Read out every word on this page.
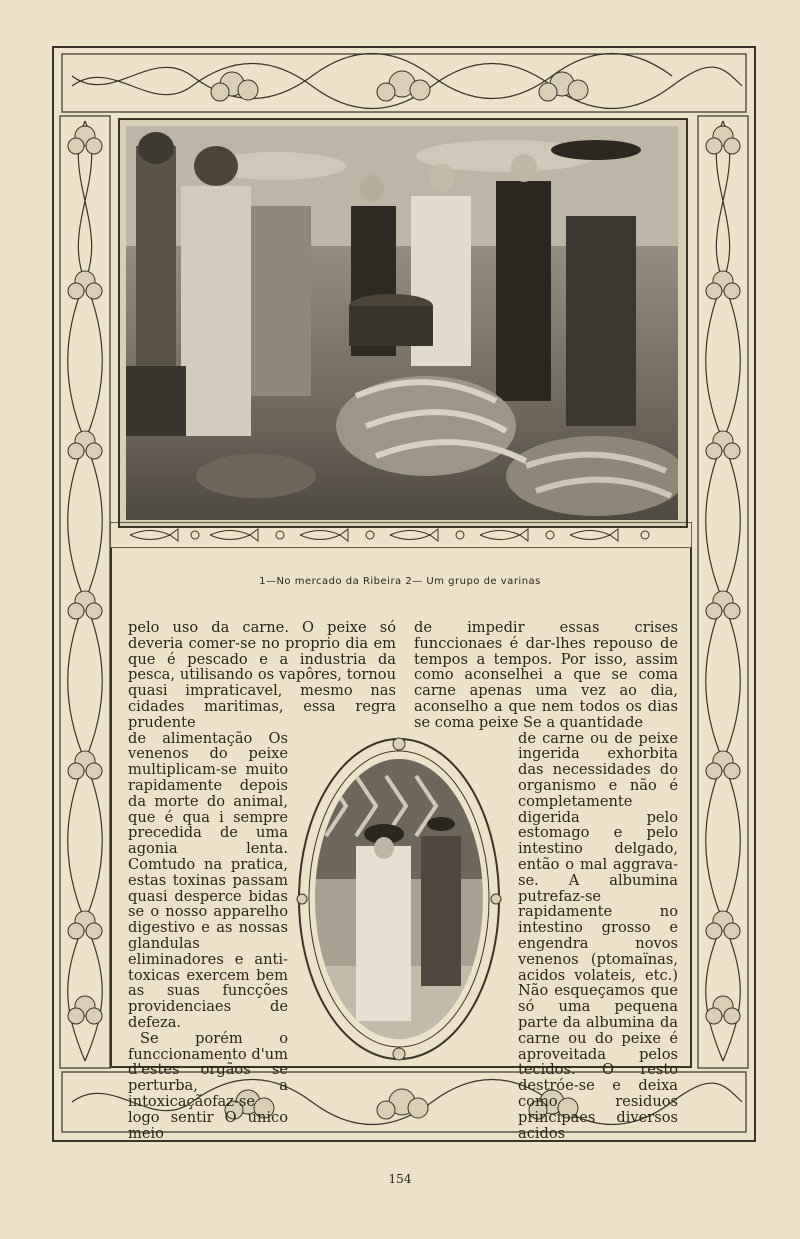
1—No mercado da Ribeira 2— Um grupo de varinas

pelo uso da carne. O peixe só deveria comer-se no proprio dia em que é pescado e a industria da pesca, utilisando os vapôres, tornou quasi impraticavel, mesmo nas cidades maritimas, essa regra prudente

de alimentação Os venenos do peixe multiplicam-se muito rapidamente depois da morte do animal, que é qua i sempre precedida de uma agonia lenta. Comtudo na pratica, estas toxinas passam quasi desperce bidas se o nosso apparelho digestivo e as nossas glandulas eliminadores e anti-toxicas exercem bem as suas funcções providenciaes de defeza.

Se porém o funccionamento d'um d'estes orgãos se perturba, a intoxicaçãofaz-se logo sentir O unico meio

de impedir essas crises funccionaes é dar-lhes repouso de tempos a tempos. Por isso, assim como aconselhei a que se coma carne apenas uma vez ao dia, aconselho a que nem todos os dias se coma peixe Se a quantidade

de carne ou de peixe ingerida exhorbita das necessidades do organismo e não é completamente digerida pelo estomago e pelo intestino delgado, então o mal aggrava-se. A albumina putrefaz-se rapidamente no intestino grosso e engendra novos venenos (ptomaïnas, acidos volateis, etc.) Não esqueçamos que só uma pequena parte da albumina da carne ou do peixe é aproveitada pelos tecidos. O resto destróe-se e deixa como residuos principaes diversos acidos

154
